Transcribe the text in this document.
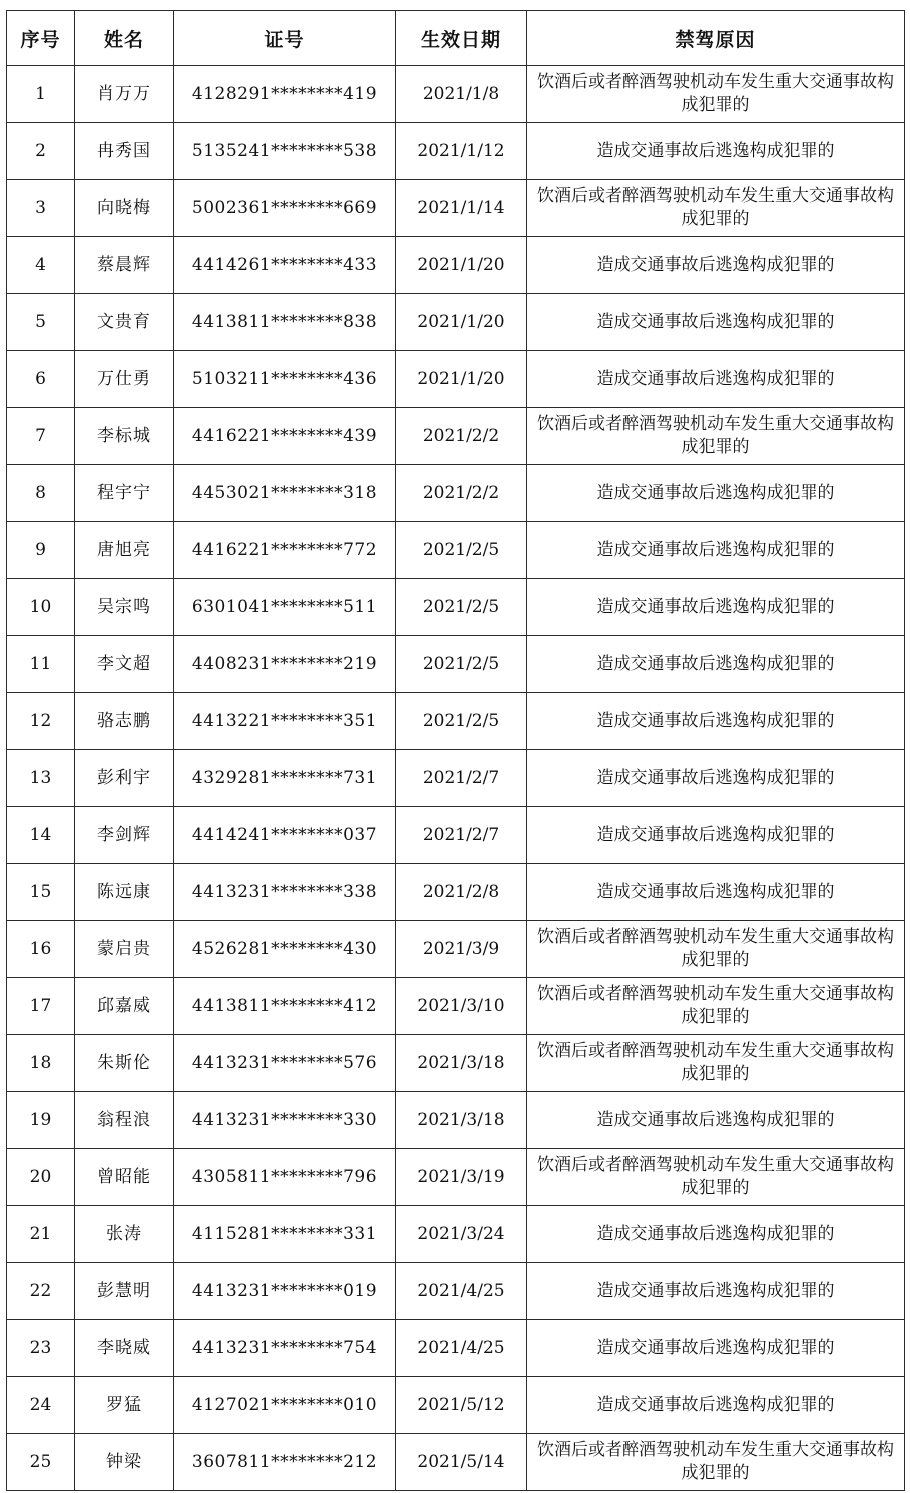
序号	姓名	证号	生效日期	禁驾原因
1	肖万万	4128291********419	2021/1/8	饮酒后或者醉酒驾驶机动车发生重大交通事故构成犯罪的
2	冉秀国	5135241********538	2021/1/12	造成交通事故后逃逸构成犯罪的
3	向晓梅	5002361********669	2021/1/14	饮酒后或者醉酒驾驶机动车发生重大交通事故构成犯罪的
4	蔡晨辉	4414261********433	2021/1/20	造成交通事故后逃逸构成犯罪的
5	文贵育	4413811********838	2021/1/20	造成交通事故后逃逸构成犯罪的
6	万仕勇	5103211********436	2021/1/20	造成交通事故后逃逸构成犯罪的
7	李标城	4416221********439	2021/2/2	饮酒后或者醉酒驾驶机动车发生重大交通事故构成犯罪的
8	程宇宁	4453021********318	2021/2/2	造成交通事故后逃逸构成犯罪的
9	唐旭亮	4416221********772	2021/2/5	造成交通事故后逃逸构成犯罪的
10	吴宗鸣	6301041********511	2021/2/5	造成交通事故后逃逸构成犯罪的
11	李文超	4408231********219	2021/2/5	造成交通事故后逃逸构成犯罪的
12	骆志鹏	4413221********351	2021/2/5	造成交通事故后逃逸构成犯罪的
13	彭利宇	4329281********731	2021/2/7	造成交通事故后逃逸构成犯罪的
14	李剑辉	4414241********037	2021/2/7	造成交通事故后逃逸构成犯罪的
15	陈远康	4413231********338	2021/2/8	造成交通事故后逃逸构成犯罪的
16	蒙启贵	4526281********430	2021/3/9	饮酒后或者醉酒驾驶机动车发生重大交通事故构成犯罪的
17	邱嘉威	4413811********412	2021/3/10	饮酒后或者醉酒驾驶机动车发生重大交通事故构成犯罪的
18	朱斯伦	4413231********576	2021/3/18	饮酒后或者醉酒驾驶机动车发生重大交通事故构成犯罪的
19	翁程浪	4413231********330	2021/3/18	造成交通事故后逃逸构成犯罪的
20	曾昭能	4305811********796	2021/3/19	饮酒后或者醉酒驾驶机动车发生重大交通事故构成犯罪的
21	张涛	4115281********331	2021/3/24	造成交通事故后逃逸构成犯罪的
22	彭慧明	4413231********019	2021/4/25	造成交通事故后逃逸构成犯罪的
23	李晓威	4413231********754	2021/4/25	造成交通事故后逃逸构成犯罪的
24	罗猛	4127021********010	2021/5/12	造成交通事故后逃逸构成犯罪的
25	钟梁	3607811********212	2021/5/14	饮酒后或者醉酒驾驶机动车发生重大交通事故构成犯罪的
